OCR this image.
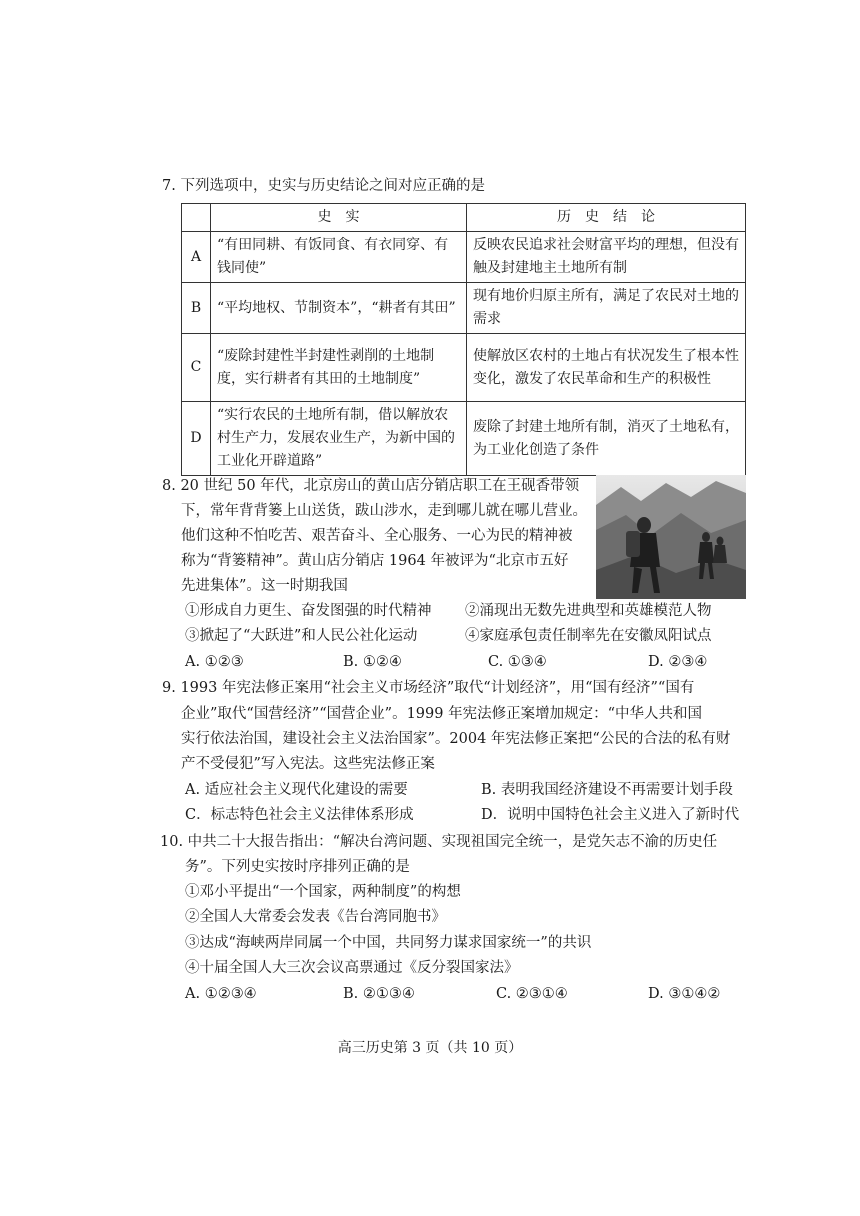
7. 下列选项中，史实与历史结论之间对应正确的是
	史　实	历　史　结　论
A	“有田同耕、有饭同食、有衣同穿、有钱同使”	反映农民追求社会财富平均的理想，但没有触及封建地主土地所有制
B	“平均地权、节制资本”，“耕者有其田”	现有地价归原主所有，满足了农民对土地的需求
C	“废除封建性半封建性剥削的土地制度，实行耕者有其田的土地制度”	使解放区农村的土地占有状况发生了根本性变化，激发了农民革命和生产的积极性
D	“实行农民的土地所有制，借以解放农村生产力，发展农业生产，为新中国的工业化开辟道路”	废除了封建土地所有制，消灭了土地私有，为工业化创造了条件
8. 20 世纪 50 年代，北京房山的黄山店分销店职工在王砚香带领
下，常年背背篓上山送货，跋山涉水，走到哪儿就在哪儿营业。
他们这种不怕吃苦、艰苦奋斗、全心服务、一心为民的精神被
称为“背篓精神”。黄山店分销店 1964 年被评为“北京市五好
先进集体”。这一时期我国
①形成自力更生、奋发图强的时代精神 ②涌现出无数先进典型和英雄模范人物
③掀起了“大跃进”和人民公社化运动	④家庭承包责任制率先在安徽凤阳试点
A. ①②③	B. ①②④	C. ①③④	D. ②③④
9. 1993 年宪法修正案用“社会主义市场经济”取代“计划经济”，用“国有经济”“国有
企业”取代“国营经济”“国营企业”。1999 年宪法修正案增加规定：“中华人共和国
实行依法治国，建设社会主义法治国家”。2004 年宪法修正案把“公民的合法的私有财
产不受侵犯”写入宪法。这些宪法修正案
A. 适应社会主义现代化建设的需要	B. 表明我国经济建设不再需要计划手段
C．标志特色社会主义法律体系形成	D．说明中国特色社会主义进入了新时代
10. 中共二十大报告指出：“解决台湾问题、实现祖国完全统一，是党矢志不渝的历史任
务”。下列史实按时序排列正确的是
①邓小平提出“一个国家，两种制度”的构想
②全国人大常委会发表《告台湾同胞书》
③达成“海峡两岸同属一个中国，共同努力谋求国家统一”的共识
④十届全国人大三次会议高票通过《反分裂国家法》
A. ①②③④	B. ②①③④	C. ②③①④	D. ③①④②
高三历史第 3 页（共 10 页）
